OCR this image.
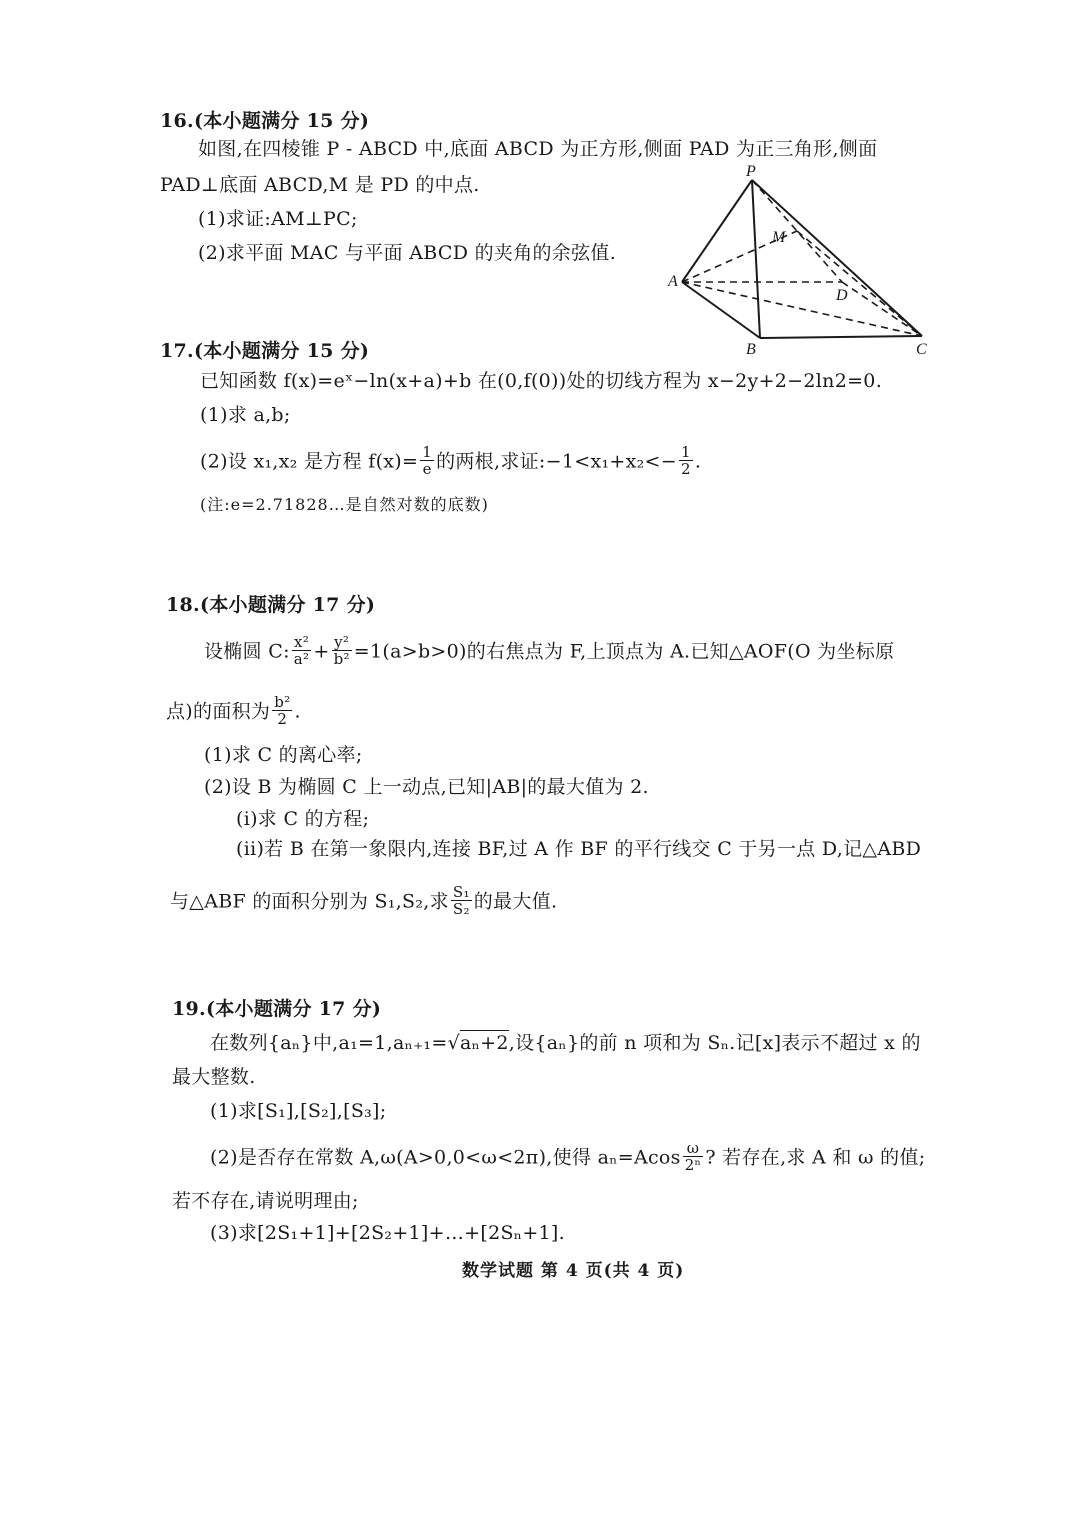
16.(本小题满分 15 分)
如图,在四棱锥 P - ABCD 中,底面 ABCD 为正方形,侧面 PAD 为正三角形,侧面
PAD⊥底面 ABCD,M 是 PD 的中点.
(1)求证:AM⊥PC;
(2)求平面 MAC 与平面 ABCD 的夹角的余弦值.
P
A
B	C
D
M
17.(本小题满分 15 分)
已知函数 f(x)=eˣ−ln(x+a)+b 在(0,f(0))处的切线方程为 x−2y+2−2ln2=0.
(1)求 a,b;
(2)设 x₁,x₂ 是方程 $f(x)= \frac{1}{e}$ 的两根,求证:−1<x₁+x₂<− $\frac{1}{2}$ .
(注:e=2.71828…是自然对数的底数)
18.(本小题满分 17 分)
设椭圆 C: $\frac{\text{x²}}{\text{a²}} + \frac{\text{y²}}{\text{b²}} =1(a>b>0)$的右焦点为 F,上顶点为 A.已知△AOF(O 为坐标原
点)的面积为 $\frac{\text{b²}}{2}$ .
(1)求 C 的离心率;
(2)设 B 为椭圆 C 上一动点,已知|AB|的最大值为 2.
(i)求 C 的方程;
(ii)若 B 在第一象限内,连接 BF,过 A 作 BF 的平行线交 C 于另一点 D,记△ABD
与△ABF 的面积分别为 S₁,S₂,求 $\frac{\text{S₁}}{\text{S₂}}$ 的最大值.
19.(本小题满分 17 分)
在数列{aₙ}中,a₁=1,aₙ₊₁=√aₙ+2,设{aₙ}的前 n 项和为 Sₙ.记[x]表示不超过 x 的
最大整数.
(1)求[S₁],[S₂],[S₃];
(2)是否存在常数 A,ω(A>0,0<ω<2π),使得 $a_n=Acos \frac{\omega}{\text{2ⁿ}}$ ? 若存在,求 A 和 ω 的值;
若不存在,请说明理由;
(3)求[2S₁+1]+[2S₂+1]+…+[2Sₙ+1].
数学试题 第 4 页(共 4 页)
